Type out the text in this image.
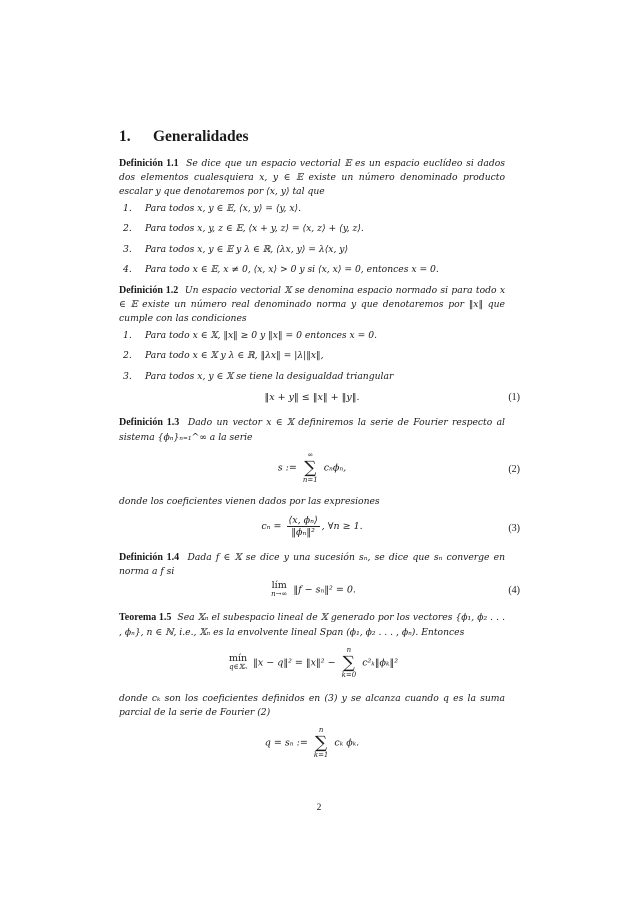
1. Generalidades

Definición 1.1 Se dice que un espacio vectorial 𝔼 es un espacio euclídeo si dados dos elementos cualesquiera x, y ∈ 𝔼 existe un número denominado producto escalar y que denotaremos por ⟨x, y⟩ tal que

1. Para todos x, y ∈ 𝔼, ⟨x, y⟩ = ⟨y, x⟩.
2. Para todos x, y, z ∈ 𝔼, ⟨x + y, z⟩ = ⟨x, z⟩ + ⟨y, z⟩.
3. Para todos x, y ∈ 𝔼 y λ ∈ ℝ, ⟨λx, y⟩ = λ⟨x, y⟩
4. Para todo x ∈ 𝔼, x ≠ 0, ⟨x, x⟩ > 0 y si ⟨x, x⟩ = 0, entonces x = 0.

Definición 1.2 Un espacio vectorial 𝕏 se denomina espacio normado si para todo x ∈ 𝔼 existe un número real denominado norma y que denotaremos por ‖x‖ que cumple con las condiciones

1. Para todo x ∈ 𝕏, ‖x‖ ≥ 0 y ‖x‖ = 0 entonces x = 0.
2. Para todo x ∈ 𝕏 y λ ∈ ℝ, ‖λx‖ = |λ|‖x‖,
3. Para todos x, y ∈ 𝕏 se tiene la desigualdad triangular
‖x + y‖ ≤ ‖x‖ + ‖y‖.	(1)

Definición 1.3 Dado un vector x ∈ 𝕏 definiremos la serie de Fourier respecto al sistema {ϕₙ}ₙ₌₁^∞ a la serie

s :=
∞
∑
n=1
cₙϕₙ,	(2)

donde los coeficientes vienen dados por las expresiones

$c_n = \frac{\text{⟨x, ϕₙ⟩}}{\text{‖ϕₙ‖²}}$ , ∀n ≥ 1.	(3)

Definición 1.4 Dada f ∈ 𝕏 se dice y una sucesión sₙ, se dice que sₙ converge en norma a f si

lím
n→∞ ‖f − sₙ‖² = 0.	(4)

Teorema 1.5 Sea 𝕏ₙ el subespacio lineal de 𝕏 generado por los vectores {ϕ₁, ϕ₂ . . . , ϕₙ}, n ∈ ℕ, i.e., 𝕏ₙ es la envolvente lineal Span (ϕ₁, ϕ₂ . . . , ϕₙ). Entonces

mín
q∈𝕏ₙ ‖x − q‖² = ‖x‖² −
n
∑
k=0
c²ₖ‖ϕₖ‖²

donde cₖ son los coeficientes definidos en (3) y se alcanza cuando q es la suma parcial de la serie de Fourier (2)

q = sₙ :=
n
∑
k=1
cₖ ϕₖ.
2
